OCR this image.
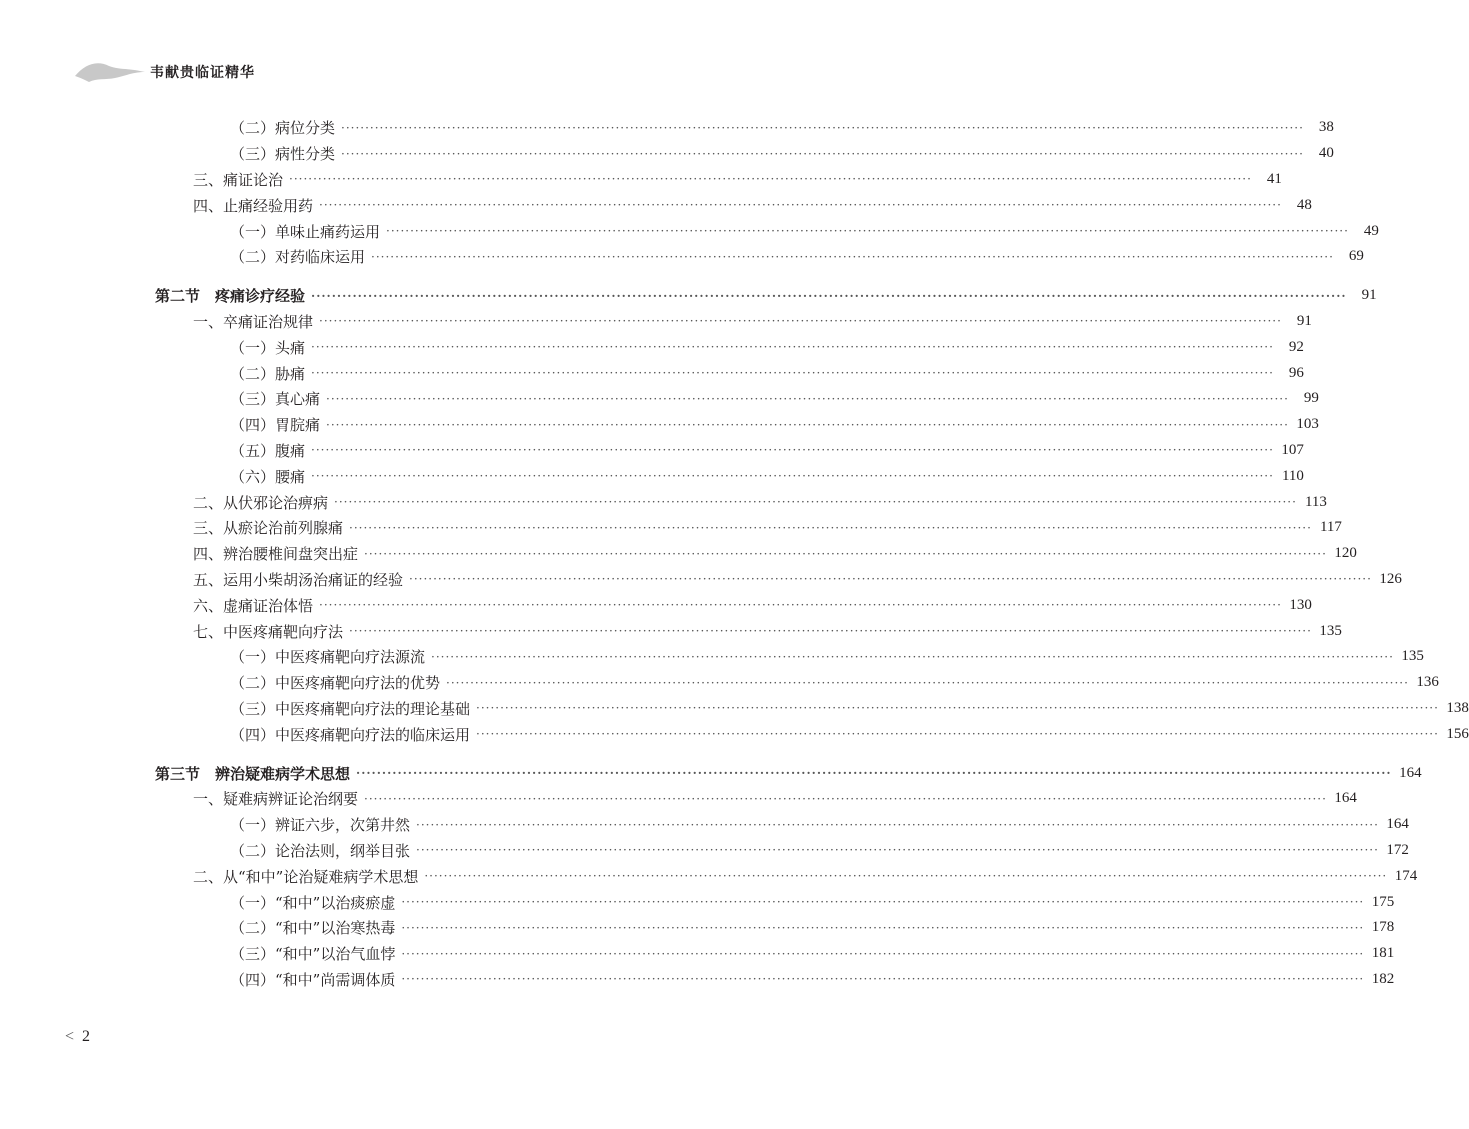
韦献贵临证精华
（二）病位分类 ········································································································································································································	38
（三）病性分类 ········································································································································································································	40
三、痛证论治 ········································································································································································································	41
四、止痛经验用药 ········································································································································································································	48
（一）单味止痛药运用 ········································································································································································································	49
（二）对药临床运用 ········································································································································································································	69
第二节　疼痛诊疗经验 ········································································································································································································	91
一、卒痛证治规律 ········································································································································································································	91
（一）头痛 ········································································································································································································	92
（二）胁痛 ········································································································································································································	96
（三）真心痛 ········································································································································································································	99
（四）胃脘痛 ········································································································································································································ 103
（五）腹痛 ········································································································································································································ 107
（六）腰痛 ········································································································································································································ 110
二、从伏邪论治痹病 ········································································································································································································ 113
三、从瘀论治前列腺痛 ········································································································································································································ 117
四、辨治腰椎间盘突出症 ········································································································································································································ 120
五、运用小柴胡汤治痛证的经验 ········································································································································································································ 126
六、虚痛证治体悟 ········································································································································································································ 130
七、中医疼痛靶向疗法 ········································································································································································································ 135
（一）中医疼痛靶向疗法源流 ········································································································································································································ 135
（二）中医疼痛靶向疗法的优势 ········································································································································································································ 136
（三）中医疼痛靶向疗法的理论基础 ········································································································································································································ 138
（四）中医疼痛靶向疗法的临床运用 ········································································································································································································ 156
第三节　辨治疑难病学术思想 ········································································································································································································ 164
一、疑难病辨证论治纲要 ········································································································································································································ 164
（一）辨证六步，次第井然 ········································································································································································································ 164
（二）论治法则，纲举目张 ········································································································································································································ 172
二、从“和中”论治疑难病学术思想 ········································································································································································································ 174
（一）“和中”以治痰瘀虚 ········································································································································································································ 175
（二）“和中”以治寒热毒 ········································································································································································································ 178
（三）“和中”以治气血悖 ········································································································································································································ 181
（四）“和中”尚需调体质 ········································································································································································································ 182
< 2
